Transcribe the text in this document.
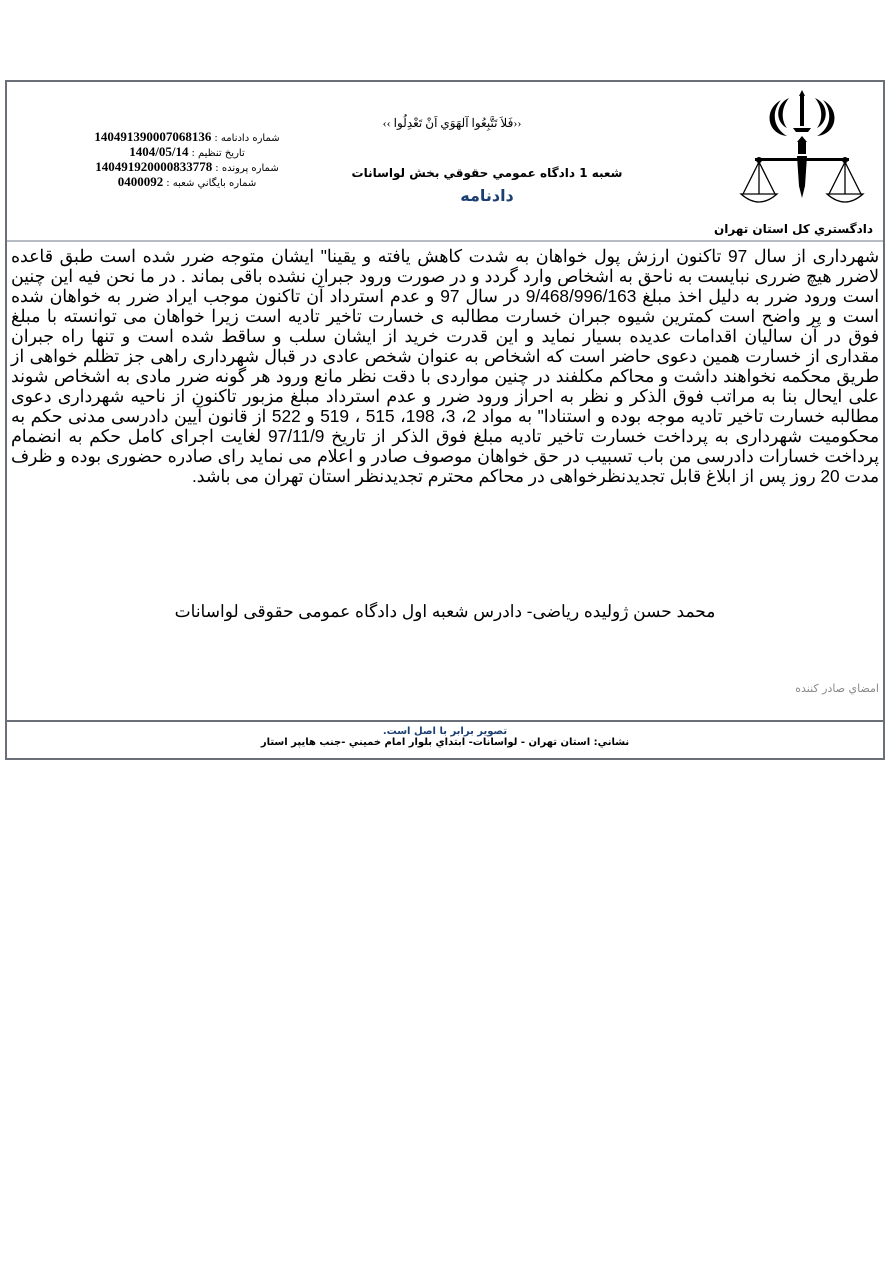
دادگستري کل استان تهران
‹‹فَلاَ تَتَّبِعُوا آلهَوَي اَنْ تَعْدِلُوا ››
شعبه 1 دادگاه عمومي حقوقي بخش لواسانات
دادنامه
شماره دادنامه : 140491390007068136
تاريخ تنظيم : 1404/05/14
شماره پرونده : 140491920000833778
شماره بايگاني شعبه : 0400092

شهرداری از سال 97 تاکنون ارزش پول خواهان به شدت کاهش یافته و یقینا" ایشان متوجه ضرر شده است طبق قاعده لاضرر هیچ ضرری نبایست به ناحق به اشخاص وارد گردد و در صورت ورود جبران نشده باقی بماند . در ما نحن فیه این چنین است ورود ضرر به دلیل اخذ مبلغ 9/468/996/163 در سال 97 و عدم استرداد آن تاکنون موجب ایراد ضرر به خواهان شده است و پر واضح است کمترین شیوه جبران خسارت مطالبه ی خسارت تاخیر تادیه است زیرا خواهان می توانسته با مبلغ فوق در آن سالیان اقدامات عدیده بسیار نماید و این قدرت خرید از ایشان سلب و ساقط شده است و تنها راه جبران مقداری از خسارت همین دعوی حاضر است که اشخاص به عنوان شخص عادی در قبال شهرداری راهی جز تظلم خواهی از طریق محکمه نخواهند داشت و محاکم مکلفند در چنین مواردی با دقت نظر مانع ورود هر گونه ضرر مادی به اشخاص شوند علی ایحال بنا به مراتب فوق الذکر و نظر به احراز ورود ضرر و عدم استرداد مبلغ مزبور تاکنون از ناحیه شهرداری دعوی مطالبه خسارت تاخیر تادیه موجه بوده و استنادا" به مواد 2، 3، 198، 515 ، 519 و 522 از قانون آیین دادرسی مدنی حکم به محکومیت شهرداری به پرداخت خسارت تاخیر تادیه مبلغ فوق الذکر از تاریخ 97/11/9 لغایت اجرای کامل حکم به انضمام پرداخت خسارات دادرسی من باب تسبیب در حق خواهان موصوف صادر و اعلام می نماید رای صادره حضوری بوده و ظرف مدت 20 روز پس از ابلاغ قابل تجدیدنظرخواهی در محاکم محترم تجدیدنظر استان تهران می باشد.

محمد حسن ژولیده ریاضی- دادرس شعبه اول دادگاه عمومی حقوقی لواسانات
امضاي صادر کننده
تصوير برابر با اصل است.
نشاني: استان تهران - لواسانات- ابتداي بلوار امام خميني -جنب هايپر استار
